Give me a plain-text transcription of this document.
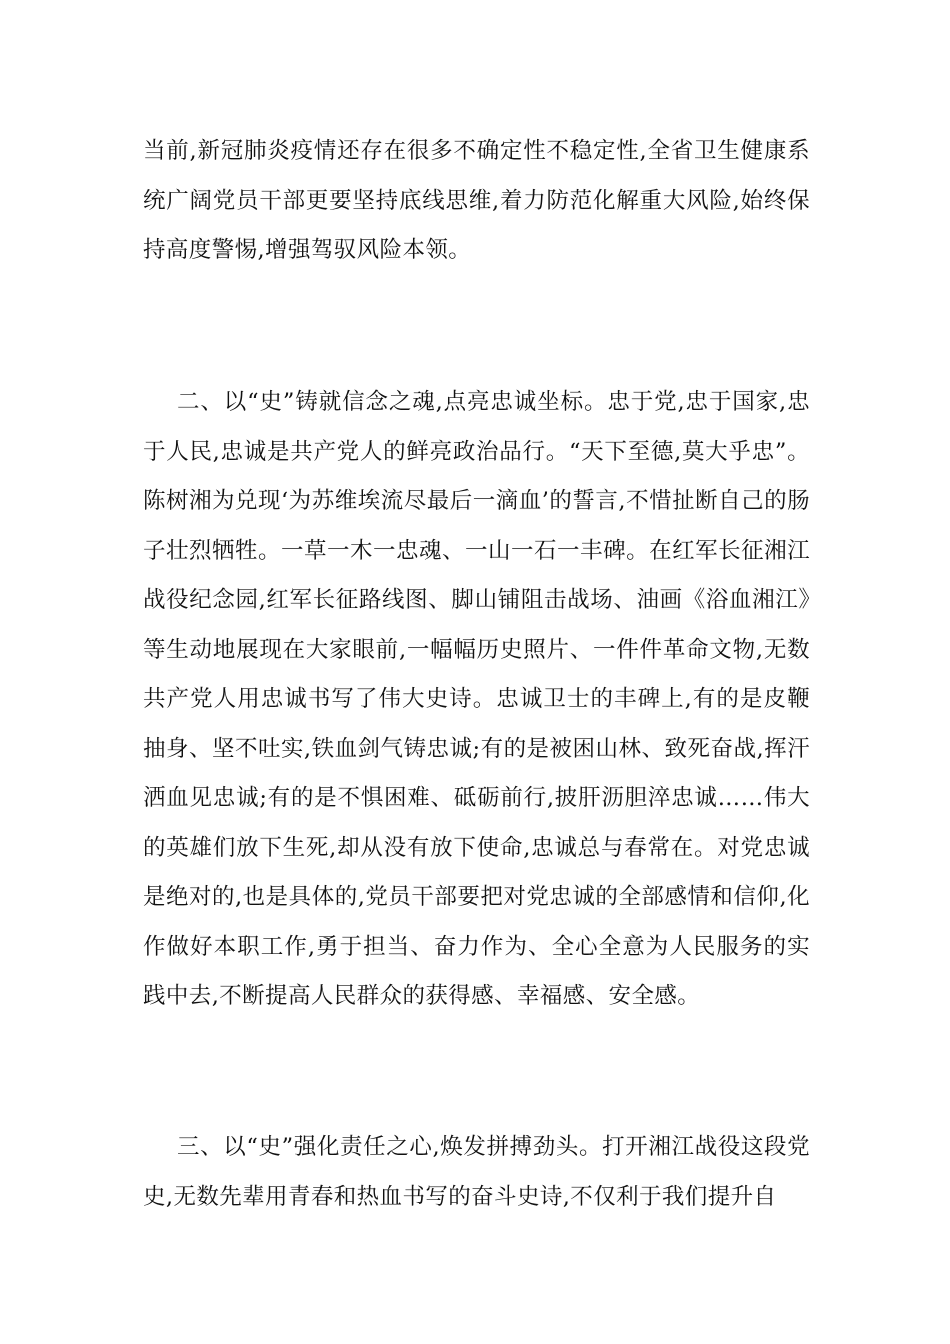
当前,新冠肺炎疫情还存在很多不确定性不稳定性,全省卫生健康系统广阔党员干部更要坚持底线思维,着力防范化解重大风险,始终保持高度警惕,增强驾驭风险本领。

二、以“史”铸就信念之魂,点亮忠诚坐标。忠于党,忠于国家,忠于人民,忠诚是共产党人的鲜亮政治品行。“天下至德,莫大乎忠”。陈树湘为兑现‘为苏维埃流尽最后一滴血’的誓言,不惜扯断自己的肠子壮烈牺牲。一草一木一忠魂、一山一石一丰碑。在红军长征湘江战役纪念园,红军长征路线图、脚山铺阻击战场、油画《浴血湘江》等生动地展现在大家眼前,一幅幅历史照片、一件件革命文物,无数共产党人用忠诚书写了伟大史诗。忠诚卫士的丰碑上,有的是皮鞭抽身、坚不吐实,铁血剑气铸忠诚;有的是被困山林、致死奋战,挥汗洒血见忠诚;有的是不惧困难、砥砺前行,披肝沥胆淬忠诚……伟大的英雄们放下生死,却从没有放下使命,忠诚总与春常在。对党忠诚是绝对的,也是具体的,党员干部要把对党忠诚的全部感情和信仰,化作做好本职工作,勇于担当、奋力作为、全心全意为人民服务的实践中去,不断提高人民群众的获得感、幸福感、安全感。

三、以“史”强化责任之心,焕发拼搏劲头。打开湘江战役这段党史,无数先辈用青春和热血书写的奋斗史诗,不仅利于我们提升自
